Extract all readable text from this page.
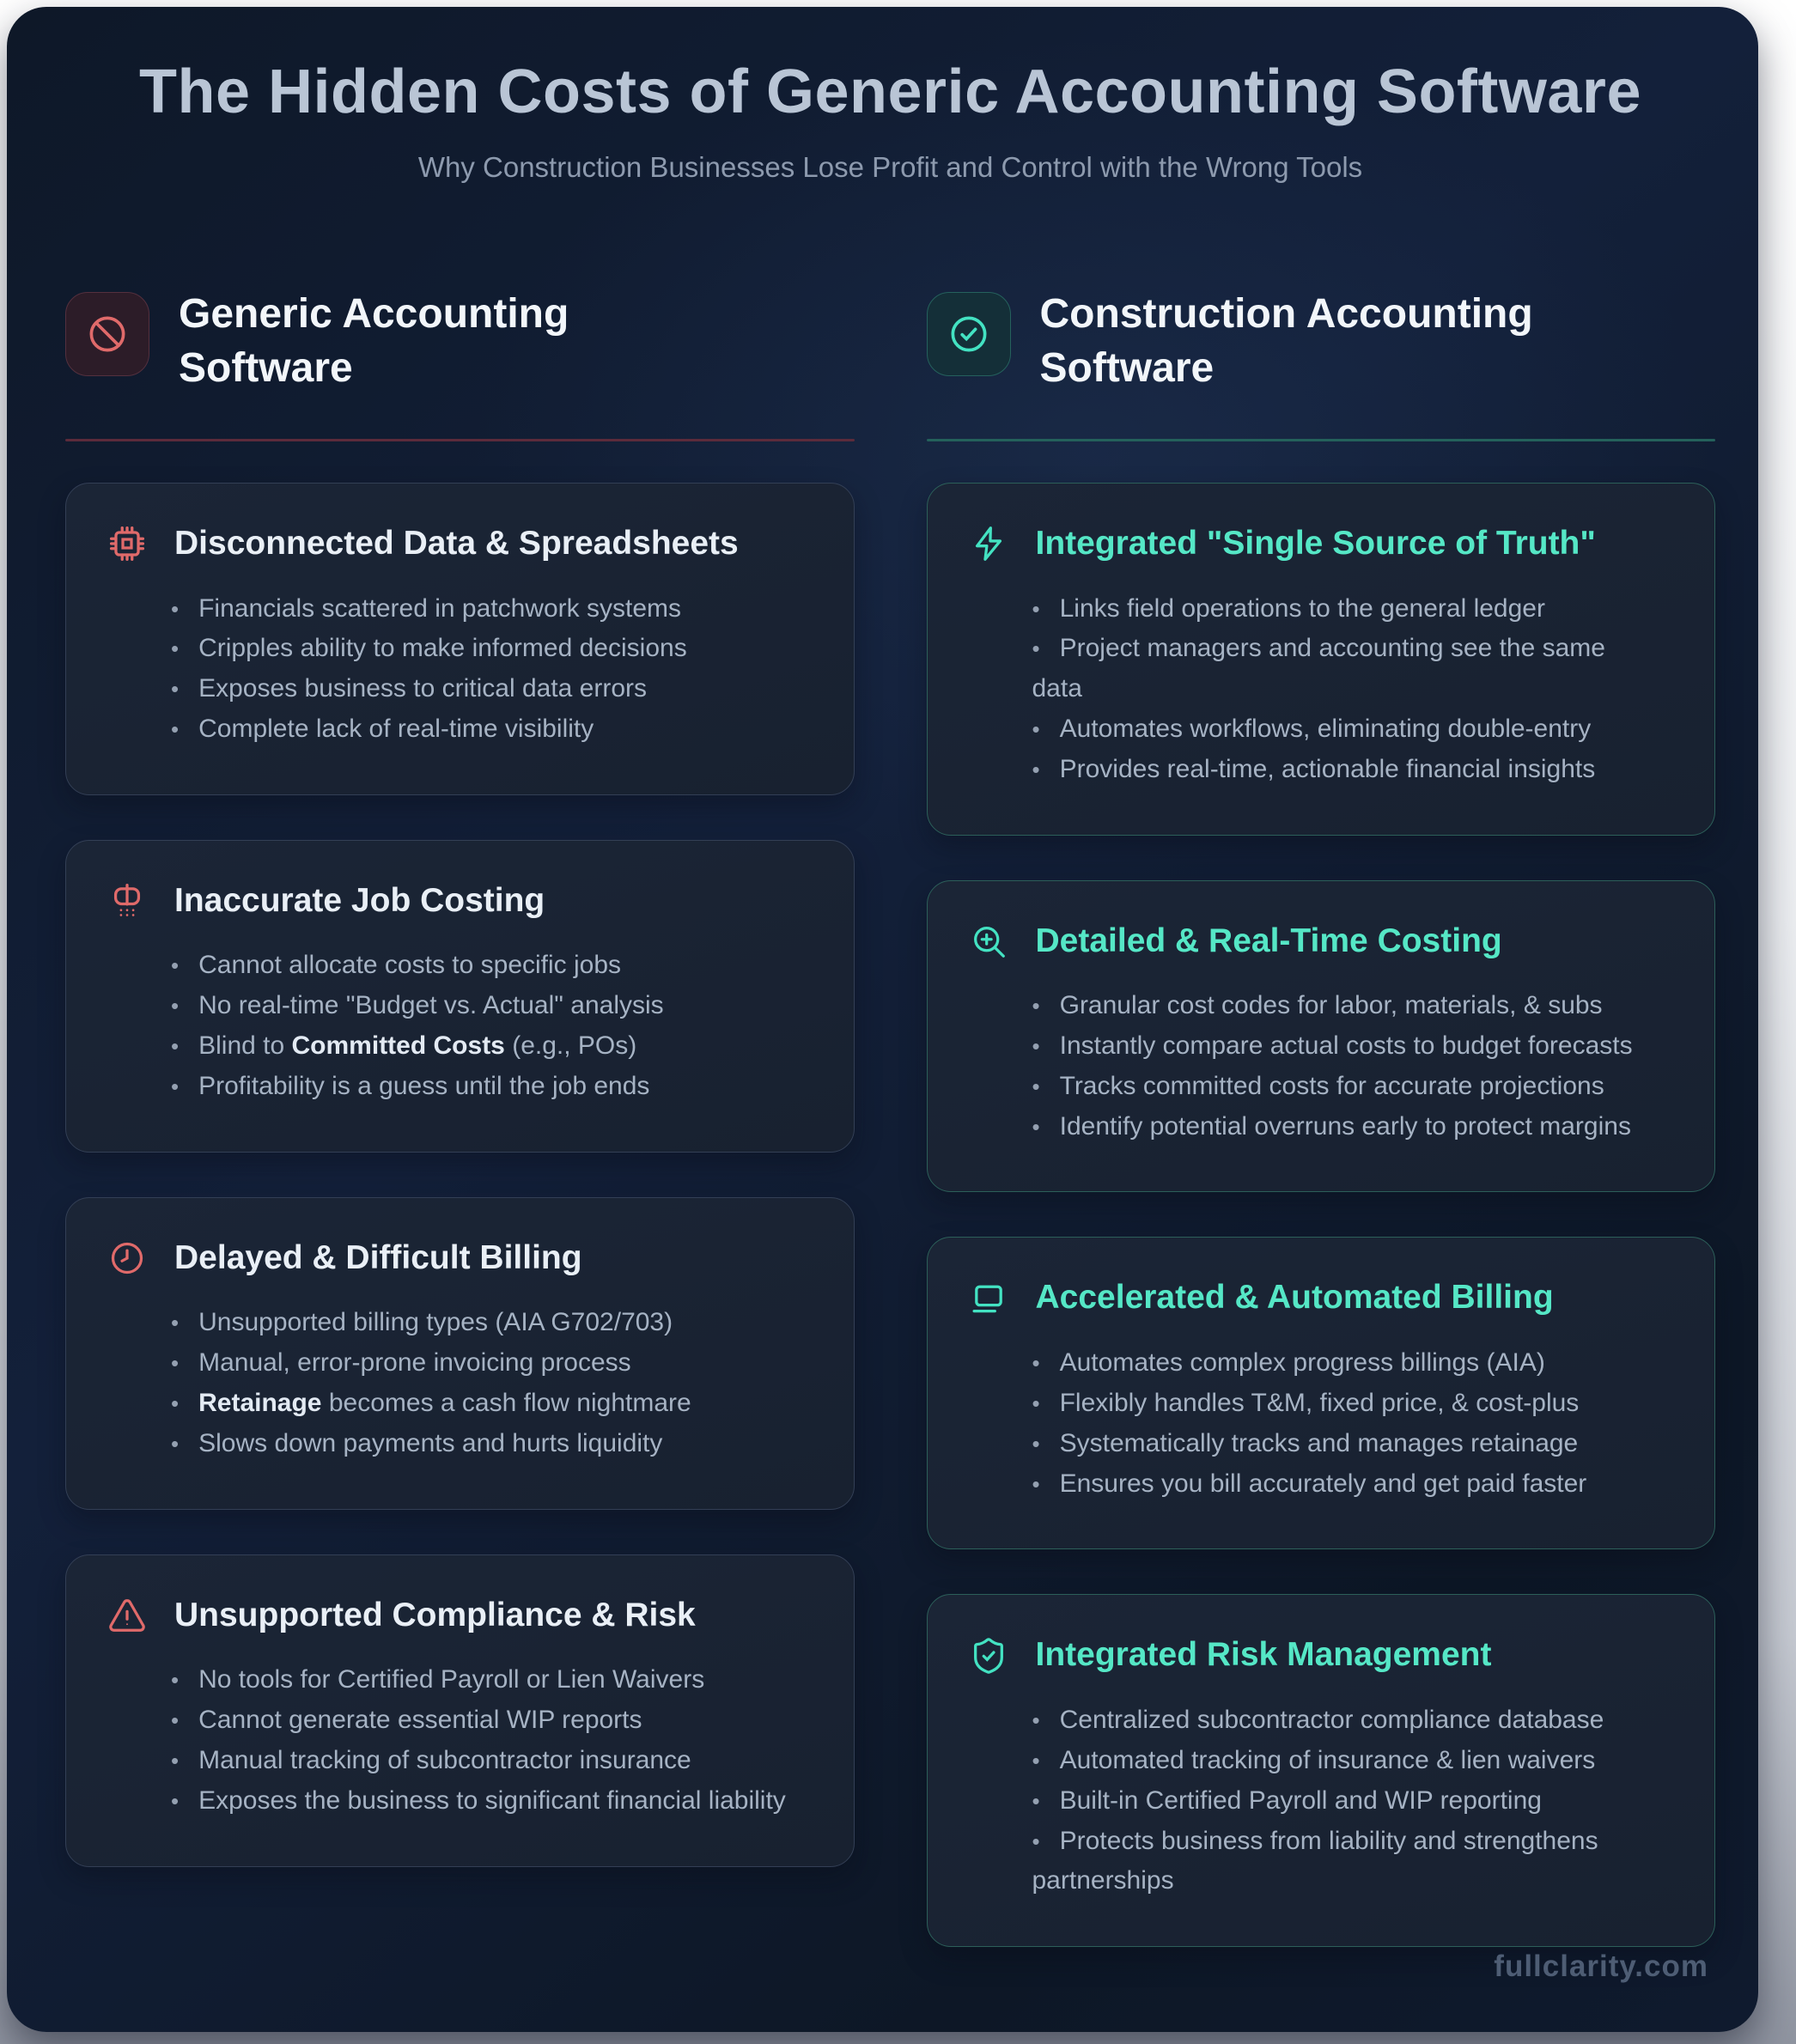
The Hidden Costs of Generic Accounting Software
Why Construction Businesses Lose Profit and Control with the Wrong Tools
Generic Accounting Software
Disconnected Data & Spreadsheets
• Financials scattered in patchwork systems
• Cripples ability to make informed decisions
• Exposes business to critical data errors
• Complete lack of real-time visibility
Inaccurate Job Costing
• Cannot allocate costs to specific jobs
• No real-time "Budget vs. Actual" analysis
• Blind to Committed Costs (e.g., POs)
• Profitability is a guess until the job ends
Delayed & Difficult Billing
• Unsupported billing types (AIA G702/703)
• Manual, error-prone invoicing process
• Retainage becomes a cash flow nightmare
• Slows down payments and hurts liquidity
Unsupported Compliance & Risk
• No tools for Certified Payroll or Lien Waivers
• Cannot generate essential WIP reports
• Manual tracking of subcontractor insurance
• Exposes the business to significant financial liability
Construction Accounting Software
Integrated "Single Source of Truth"
• Links field operations to the general ledger
• Project managers and accounting see the same data
• Automates workflows, eliminating double-entry
• Provides real-time, actionable financial insights
Detailed & Real-Time Costing
• Granular cost codes for labor, materials, & subs
• Instantly compare actual costs to budget forecasts
• Tracks committed costs for accurate projections
• Identify potential overruns early to protect margins
Accelerated & Automated Billing
• Automates complex progress billings (AIA)
• Flexibly handles T&M, fixed price, & cost-plus
• Systematically tracks and manages retainage
• Ensures you bill accurately and get paid faster
Integrated Risk Management
• Centralized subcontractor compliance database
• Automated tracking of insurance & lien waivers
• Built-in Certified Payroll and WIP reporting
• Protects business from liability and strengthens partnerships
fullclarity.com
